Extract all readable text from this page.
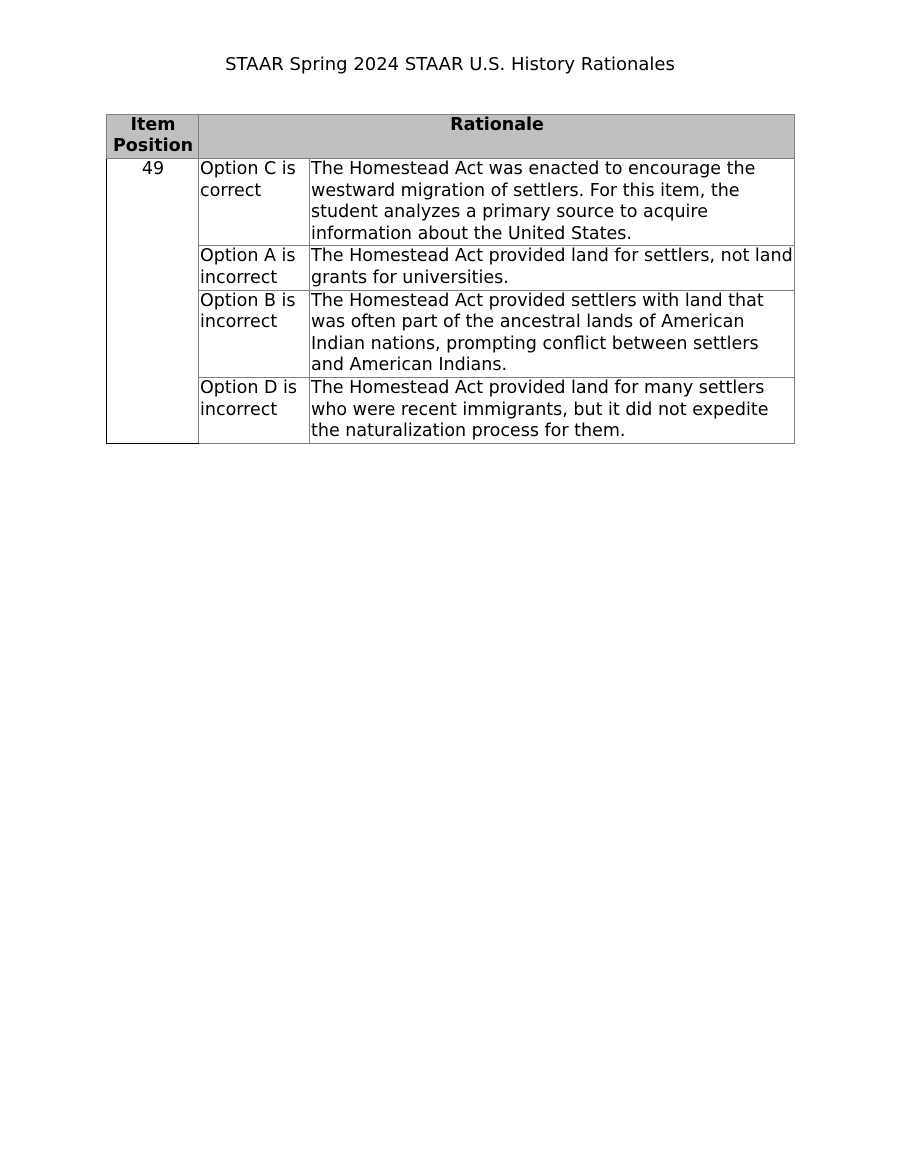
STAAR Spring 2024 STAAR U.S. History Rationales
Item Position	Rationale	
49	Option C is correct	The Homestead Act was enacted to encourage the westward migration of settlers. For this item, the student analyzes a primary source to acquire information about the United States.
	Option A is incorrect	The Homestead Act provided land for settlers, not land grants for universities.
	Option B is incorrect	The Homestead Act provided settlers with land that was often part of the ancestral lands of American Indian nations, prompting conflict between settlers and American Indians.
	Option D is incorrect	The Homestead Act provided land for many settlers who were recent immigrants, but it did not expedite the naturalization process for them.
